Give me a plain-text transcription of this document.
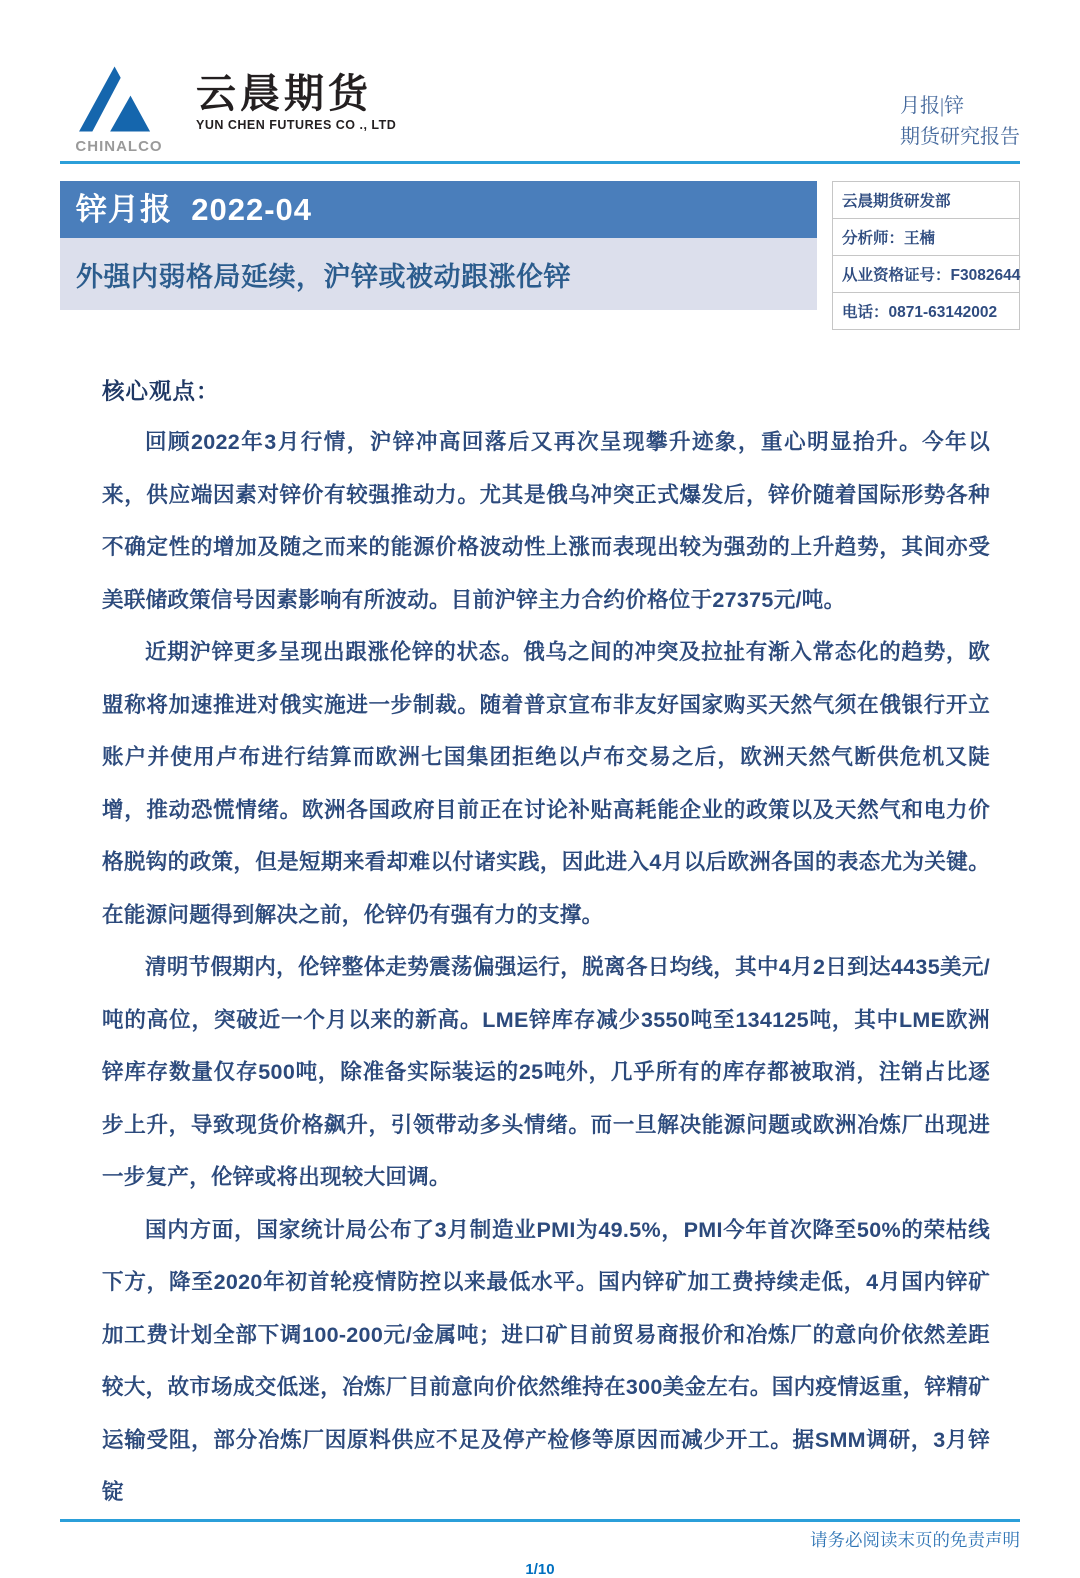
CHINALCO
云晨期货
YUN CHEN FUTURES CO ., LTD
月报|锌
期货研究报告
锌月报  2022-04
外强内弱格局延续，沪锌或被动跟涨伦锌
云晨期货研发部
分析师：王楠
从业资格证号：F3082644
电话：0871-63142002
核心观点：

回顾2022年3月行情，沪锌冲高回落后又再次呈现攀升迹象，重心明显抬升。今年以来，供应端因素对锌价有较强推动力。尤其是俄乌冲突正式爆发后，锌价随着国际形势各种不确定性的增加及随之而来的能源价格波动性上涨而表现出较为强劲的上升趋势，其间亦受美联储政策信号因素影响有所波动。目前沪锌主力合约价格位于27375元/吨。

近期沪锌更多呈现出跟涨伦锌的状态。俄乌之间的冲突及拉扯有渐入常态化的趋势，欧盟称将加速推进对俄实施进一步制裁。随着普京宣布非友好国家购买天然气须在俄银行开立账户并使用卢布进行结算而欧洲七国集团拒绝以卢布交易之后，欧洲天然气断供危机又陡增，推动恐慌情绪。欧洲各国政府目前正在讨论补贴高耗能企业的政策以及天然气和电力价格脱钩的政策，但是短期来看却难以付诸实践，因此进入4月以后欧洲各国的表态尤为关键。在能源问题得到解决之前，伦锌仍有强有力的支撑。

清明节假期内，伦锌整体走势震荡偏强运行，脱离各日均线，其中4月2日到达4435美元/吨的高位，突破近一个月以来的新高。LME锌库存减少3550吨至134125吨，其中LME欧洲锌库存数量仅存500吨，除准备实际装运的25吨外，几乎所有的库存都被取消，注销占比逐步上升，导致现货价格飙升，引领带动多头情绪。而一旦解决能源问题或欧洲冶炼厂出现进一步复产，伦锌或将出现较大回调。

国内方面，国家统计局公布了3月制造业PMI为49.5%，PMI今年首次降至50%的荣枯线下方，降至2020年初首轮疫情防控以来最低水平。国内锌矿加工费持续走低，4月国内锌矿加工费计划全部下调100-200元/金属吨；进口矿目前贸易商报价和冶炼厂的意向价依然差距较大，故市场成交低迷，冶炼厂目前意向价依然维持在300美金左右。国内疫情返重，锌精矿运输受阻，部分冶炼厂因原料供应不足及停产检修等原因而减少开工。据SMM调研，3月锌锭

请务必阅读末页的免责声明
1/10
